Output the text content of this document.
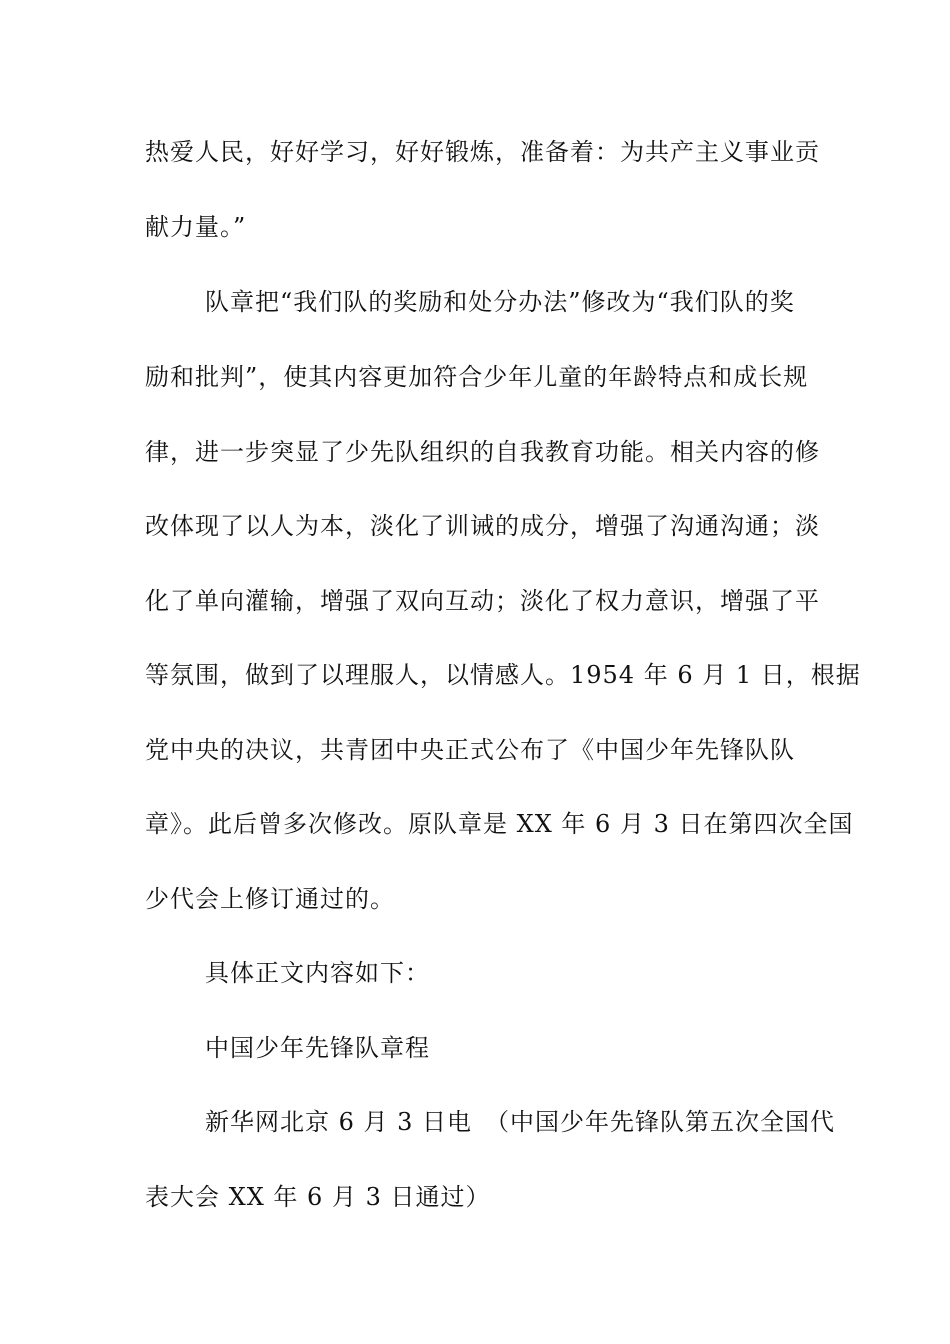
热爱人民，好好学习，好好锻炼，准备着：为共产主义事业贡
献力量。”
队章把“我们队的奖励和处分办法”修改为“我们队的奖
励和批判”，使其内容更加符合少年儿童的年龄特点和成长规
律，进一步突显了少先队组织的自我教育功能。相关内容的修
改体现了以人为本，淡化了训诫的成分，增强了沟通沟通；淡
化了单向灌输，增强了双向互动；淡化了权力意识，增强了平
等氛围，做到了以理服人，以情感人。1954 年 6 月 1 日，根据
党中央的决议，共青团中央正式公布了《中国少年先锋队队
章》。此后曾多次修改。原队章是 XX 年 6 月 3 日在第四次全国
少代会上修订通过的。
具体正文内容如下：
中国少年先锋队章程
新华网北京 6 月 3 日电　（中国少年先锋队第五次全国代
表大会 XX 年 6 月 3 日通过）
